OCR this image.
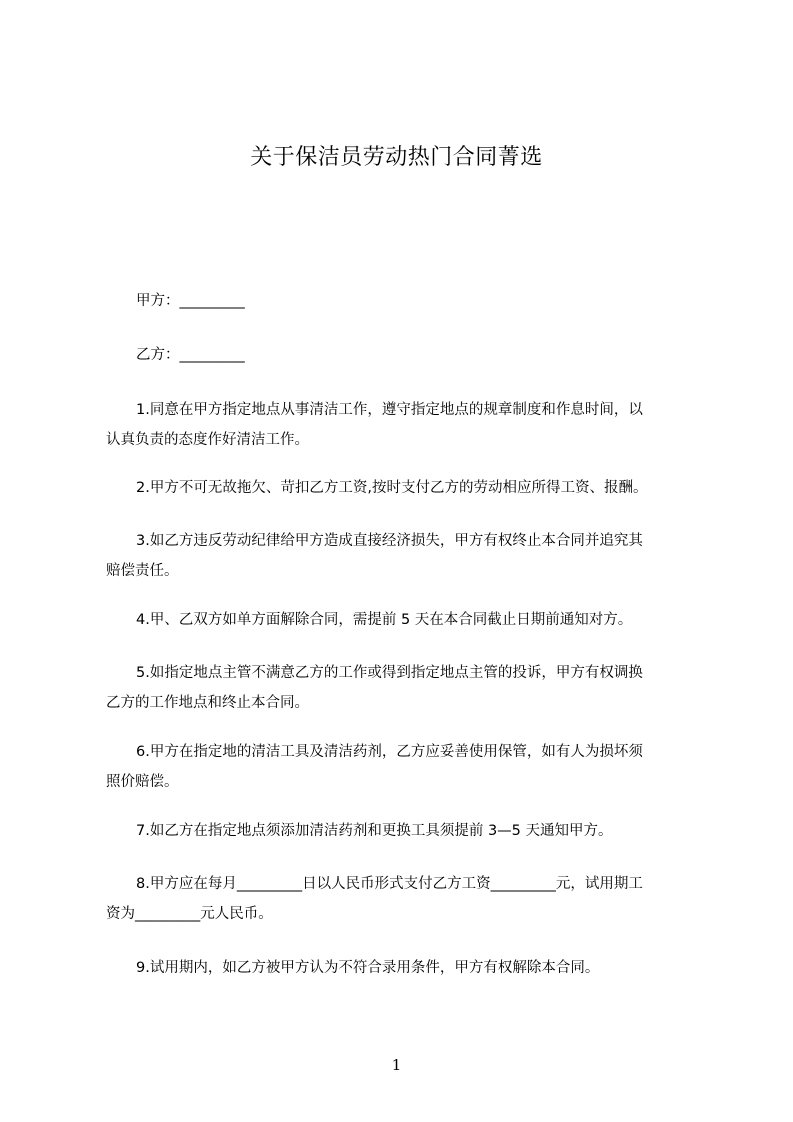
关于保洁员劳动热门合同菁选
甲方：_________
乙方：_________
1.同意在甲方指定地点从事清洁工作，遵守指定地点的规章制度和作息时间，以
认真负责的态度作好清洁工作。
2.甲方不可无故拖欠、苛扣乙方工资,按时支付乙方的劳动相应所得工资、报酬。
3.如乙方违反劳动纪律给甲方造成直接经济损失，甲方有权终止本合同并追究其
赔偿责任。
4.甲、乙双方如单方面解除合同，需提前 5 天在本合同截止日期前通知对方。
5.如指定地点主管不满意乙方的工作或得到指定地点主管的投诉，甲方有权调换
乙方的工作地点和终止本合同。
6.甲方在指定地的清洁工具及清洁药剂，乙方应妥善使用保管，如有人为损坏须
照价赔偿。
7.如乙方在指定地点须添加清洁药剂和更换工具须提前 3—5 天通知甲方。
8.甲方应在每月_________日以人民币形式支付乙方工资_________元，试用期工
资为_________元人民币。
9.试用期内，如乙方被甲方认为不符合录用条件，甲方有权解除本合同。
1
